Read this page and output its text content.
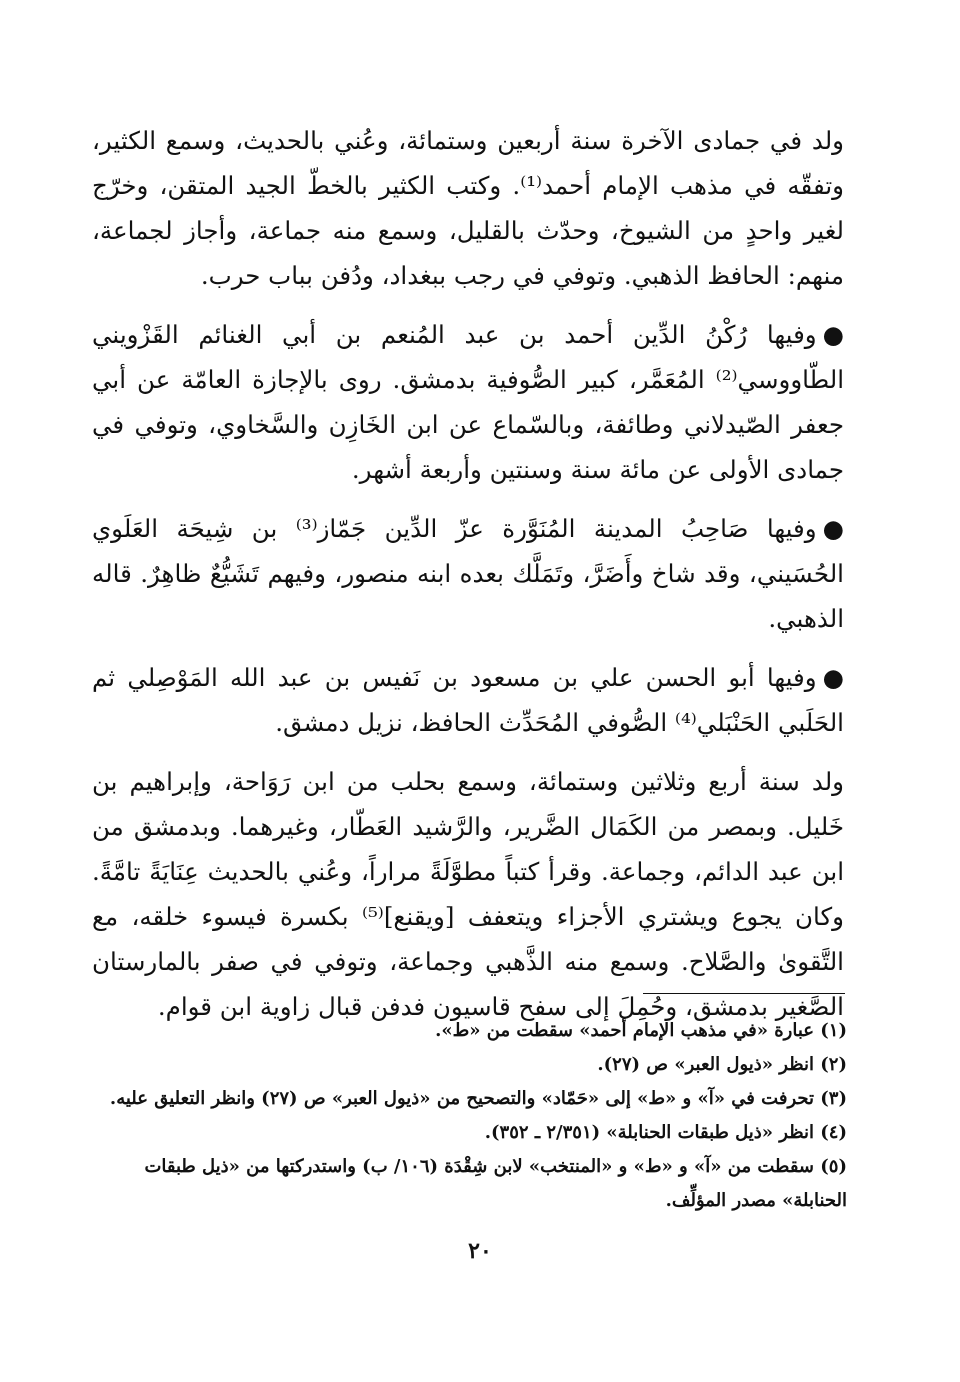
ولد في جمادى الآخرة سنة أربعين وستمائة، وعُني بالحديث، وسمع الكثير، وتفقّه في مذهب الإمام أحمد⁽¹⁾. وكتب الكثير بالخطّ الجيد المتقن، وخرّج لغير واحدٍ من الشيوخ، وحدّث بالقليل، وسمع منه جماعة، وأجاز لجماعة، منهم: الحافظ الذهبي. وتوفي في رجب ببغداد، ودُفن بباب حرب.

●وفيها رُكْنُ الدِّين أحمد بن عبد المُنعم بن أبي الغنائم القَزْويني الطّاووسي⁽²⁾ المُعَمَّر، كبير الصُّوفية بدمشق. روى بالإجازة العامّة عن أبي جعفر الصّيدلاني وطائفة، وبالسّماع عن ابن الخَازِن والسَّخاوي، وتوفي في جمادى الأولى عن مائة سنة وسنتين وأربعة أشهر.

●وفيها صَاحِبُ المدينة المُنَوَّرة عزّ الدِّين جَمّاز⁽³⁾ بن شِيحَة العَلَوي الحُسَيني، وقد شاخ وأَضَرَّ، وتَمَلَّك بعده ابنه منصور، وفيهم تَشَيُّعٌ ظاهِرٌ. قاله الذهبي.

●وفيها أبو الحسن علي بن مسعود بن نَفيس بن عبد الله المَوْصِلي ثم الحَلَبي الحَنْبَلي⁽⁴⁾ الصُّوفي المُحَدِّث الحافظ، نزيل دمشق.

ولد سنة أربع وثلاثين وستمائة، وسمع بحلب من ابن رَوَاحة، وإبراهيم بن خَليل. وبمصر من الكَمَال الضَّرير، والرَّشيد العَطّار، وغيرهما. وبدمشق من ابن عبد الدائم، وجماعة. وقرأ كتباً مطوَّلَةً مراراً، وعُني بالحديث عِنَايَةً تامَّةً. وكان يجوع ويشتري الأجزاء ويتعفف [ويقنع]⁽⁵⁾ بكسرة فيسوء خلقه، مع التَّقوىٰ والصَّلاح. وسمع منه الذَّهبي وجماعة، وتوفي في صفر بالمارستان الصَّغير بدمشق، وحُمِلَ إلى سفح قاسيون فدفن قبال زاوية ابن قوام.

(١) عبارة «في مذهب الإمام أحمد» سقطت من «ط».
(٢) انظر «ذيول العبر» ص (٢٧).
(٣) تحرفت في «آ» و «ط» إلى «حَمّاد» والتصحيح من «ذيول العبر» ص (٢٧) وانظر التعليق عليه.
(٤) انظر «ذيل طبقات الحنابلة» (٢/٣٥١ ـ ٣٥٢).
(٥) سقطت من «آ» و «ط» و «المنتخب» لابن شِقْدَة (١٠٦/ ب) واستدركتها من «ذيل طبقات الحنابلة» مصدر المؤلِّف.
٢٠
